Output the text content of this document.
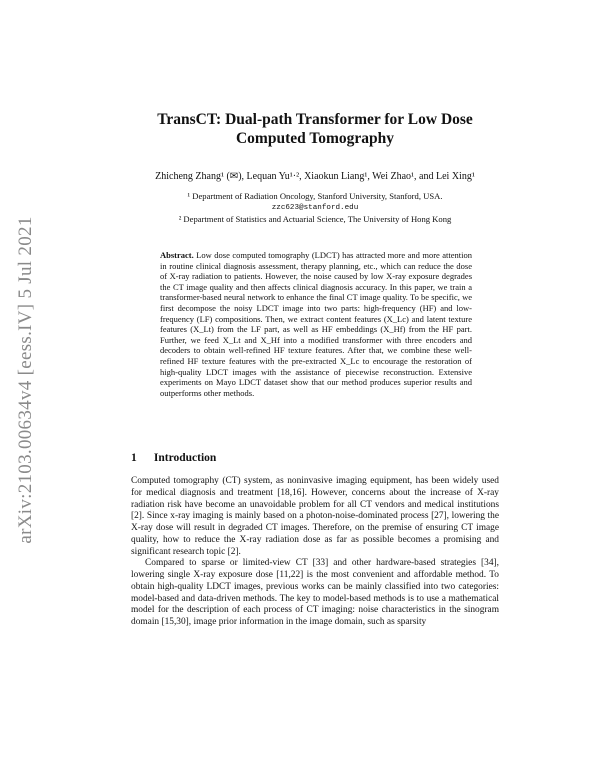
arXiv:2103.00634v4 [eess.IV] 5 Jul 2021
TransCT: Dual-path Transformer for Low Dose Computed Tomography
Zhicheng Zhang¹ (✉), Lequan Yu¹·², Xiaokun Liang¹, Wei Zhao¹, and Lei Xing¹
¹ Department of Radiation Oncology, Stanford University, Stanford, USA.
zzc623@stanford.edu
² Department of Statistics and Actuarial Science, The University of Hong Kong
Abstract. Low dose computed tomography (LDCT) has attracted more and more attention in routine clinical diagnosis assessment, therapy planning, etc., which can reduce the dose of X-ray radiation to patients. However, the noise caused by low X-ray exposure degrades the CT image quality and then affects clinical diagnosis accuracy. In this paper, we train a transformer-based neural network to enhance the final CT image quality. To be specific, we first decompose the noisy LDCT image into two parts: high-frequency (HF) and low-frequency (LF) compositions. Then, we extract content features (X_Lc) and latent texture features (X_Lt) from the LF part, as well as HF embeddings (X_Hf) from the HF part. Further, we feed X_Lt and X_Hf into a modified transformer with three encoders and decoders to obtain well-refined HF texture features. After that, we combine these well-refined HF texture features with the pre-extracted X_Lc to encourage the restoration of high-quality LDCT images with the assistance of piecewise reconstruction. Extensive experiments on Mayo LDCT dataset show that our method produces superior results and outperforms other methods.
1 Introduction

Computed tomography (CT) system, as noninvasive imaging equipment, has been widely used for medical diagnosis and treatment [18,16]. However, concerns about the increase of X-ray radiation risk have become an unavoidable problem for all CT vendors and medical institutions [2]. Since x-ray imaging is mainly based on a photon-noise-dominated process [27], lowering the X-ray dose will result in degraded CT images. Therefore, on the premise of ensuring CT image quality, how to reduce the X-ray radiation dose as far as possible becomes a promising and significant research topic [2].

Compared to sparse or limited-view CT [33] and other hardware-based strategies [34], lowering single X-ray exposure dose [11,22] is the most convenient and affordable method. To obtain high-quality LDCT images, previous works can be mainly classified into two categories: model-based and data-driven methods. The key to model-based methods is to use a mathematical model for the description of each process of CT imaging: noise characteristics in the sinogram domain [15,30], image prior information in the image domain, such as sparsity
